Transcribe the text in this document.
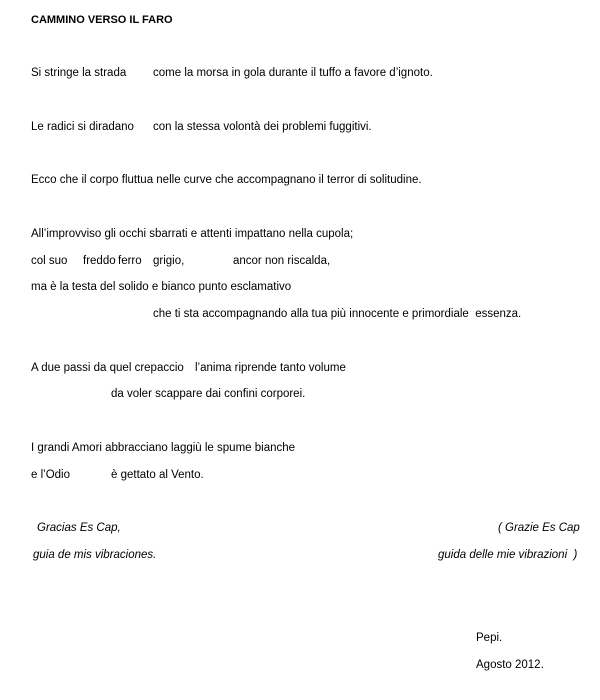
CAMMINO VERSO IL FARO
Si stringe la strada come la morsa in gola durante il tuffo a favore d’ignoto.
Le radici si diradano con la stessa volontà dei problemi fuggitivi.
Ecco che il corpo fluttua nelle curve che accompagnano il terror di solitudine.
All’improvviso gli occhi sbarrati e attenti impattano nella cupola;
col suo freddo ferro grigio,	ancor non riscalda,
ma è la testa del solido e bianco punto esclamativo
che ti sta accompagnando alla tua più innocente e primordiale  essenza.
A due passi da quel crepaccio l’anima riprende tanto volume
da voler scappare dai confini corporei.
I grandi Amori abbracciano laggiù le spume bianche
e l’Odio	è gettato al Vento.
Gracias Es Cap,
guia de mis vibraciones.
( Grazie Es Cap
guida delle mie vibrazioni  )
Pepi.
Agosto 2012.
